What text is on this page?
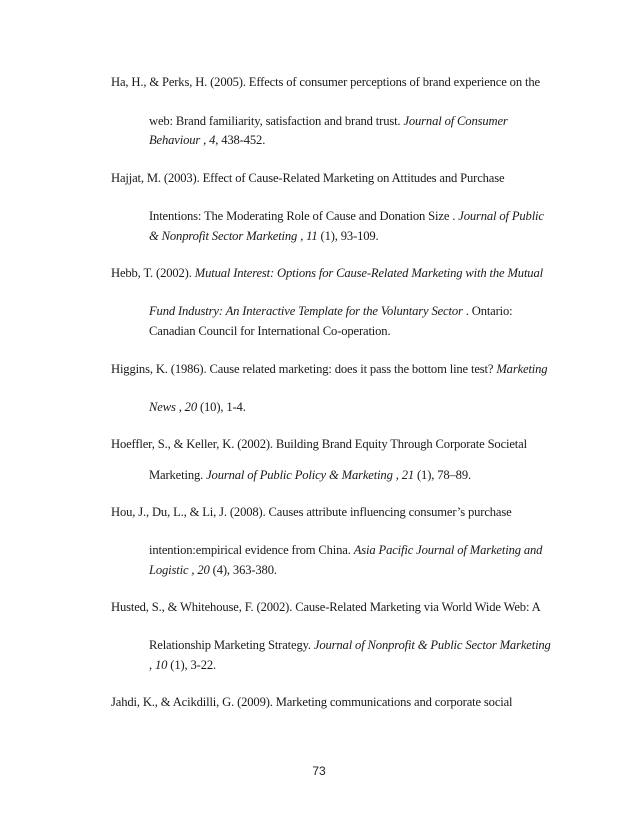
Ha, H., & Perks, H. (2005). Effects of consumer perceptions of brand experience on the
web: Brand familiarity, satisfaction and brand trust. Journal of Consumer
Behaviour , 4, 438-452.
Hajjat, M. (2003). Effect of Cause-Related Marketing on Attitudes and Purchase
Intentions: The Moderating Role of Cause and Donation Size . Journal of Public
& Nonprofit Sector Marketing , 11 (1), 93-109.
Hebb, T. (2002). Mutual Interest: Options for Cause-Related Marketing with the Mutual
Fund Industry: An Interactive Template for the Voluntary Sector . Ontario:
Canadian Council for International Co-operation.
Higgins, K. (1986). Cause related marketing: does it pass the bottom line test? Marketing
News , 20 (10), 1-4.
Hoeffler, S., & Keller, K. (2002). Building Brand Equity Through Corporate Societal
Marketing. Journal of Public Policy & Marketing , 21 (1), 78–89.
Hou, J., Du, L., & Li, J. (2008). Causes attribute influencing consumer’s purchase
intention:empirical evidence from China. Asia Pacific Journal of Marketing and
Logistic , 20 (4), 363-380.
Husted, S., & Whitehouse, F. (2002). Cause-Related Marketing via World Wide Web: A
Relationship Marketing Strategy. Journal of Nonprofit & Public Sector Marketing
, 10 (1), 3-22.
Jahdi, K., & Acikdilli, G. (2009). Marketing communications and corporate social
73
